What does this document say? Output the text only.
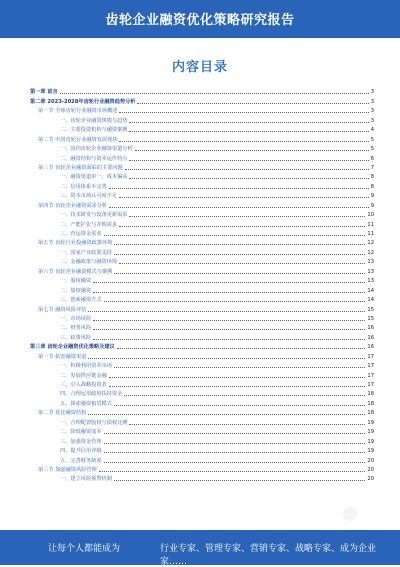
齿轮企业融资优化策略研究报告
内容目录
第一章 前言	3
第二章 2023-2028年齿轮行业融资趋势分析	3
第一节 全球齿轮行业融资市场概述	3
一、齿轮企业融资规模与趋势	3
二、主要投资机构与融资案例	4
第二节 中国齿轮行业融资发展现状	5
一、国内齿轮企业融资渠道分析	5
二、融资结构与资本运作特点	6
第三节 齿轮企业融资面临的主要问题	7
一、融资渠道单一、成本偏高	8
二、信用体系不完善	8
三、资本市场认可度不足	9
第四节 齿轮企业融资需求分析	9
一、技术研发与设备更新需求	10
二、产能扩张与并购需求	11
三、营运资金需求	11
第五节 齿轮行业投融资政策环境	12
一、国家产业政策支持	12
二、金融政策与融资环境	13
第六节 齿轮企业融资模式与案例	13
一、股权融资	13
二、债权融资	14
三、创新融资方式	14
第七节 融资风险评估	15
一、市场风险	15
二、财务风险	16
三、政策风险	16
第三章 齿轮企业融资优化策略及建议	16
第一节 拓宽融资渠道	17
一、积极利用资本市场	17
二、发展供应链金融	17
三、引入战略投资者	17
四、合理运用政府扶持资金	18
五、探索融资租赁模式	18
第二节 优化融资结构	18
一、合理配置股权与债权比例	19
二、降低融资成本	19
三、加强资金管理	19
四、提升信用评级	19
五、完善财务制度	20
第三节 加强融资风险管理	20
一、建立风险预警机制	20
让每个人都能成为	行业专家、管理专家、营销专家、战略专家、成为企业家……
